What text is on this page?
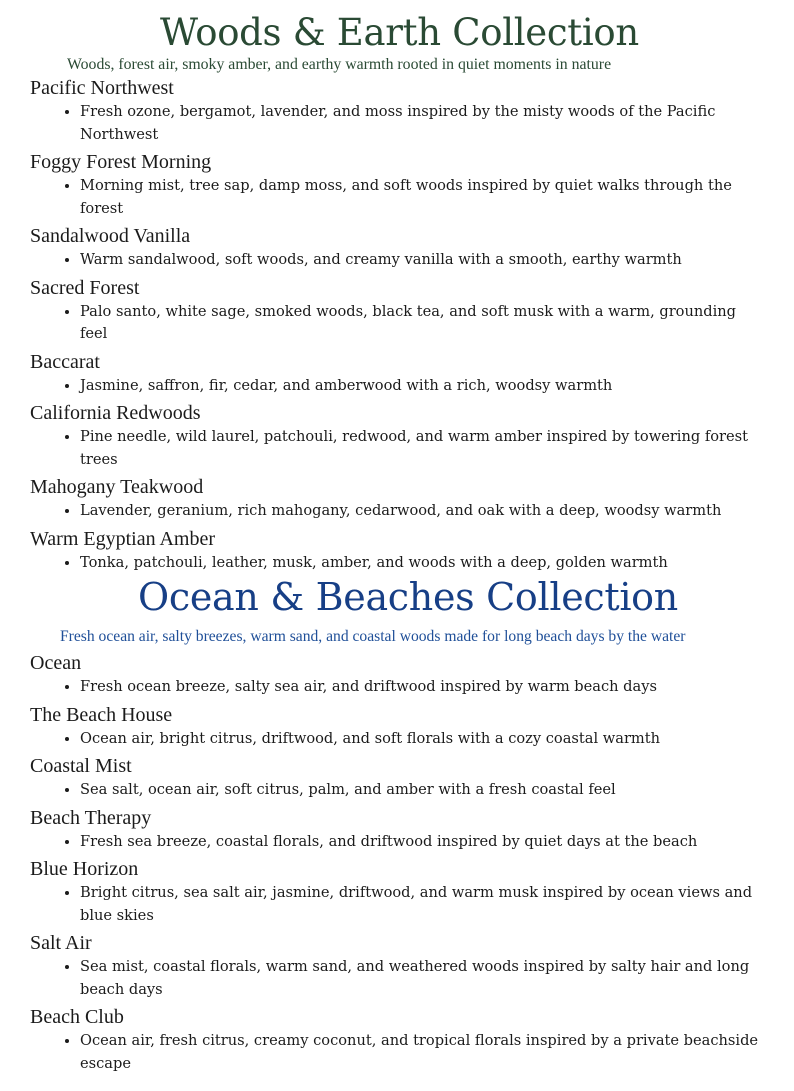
Woods & Earth Collection

Woods, forest air, smoky amber, and earthy warmth rooted in quiet moments in nature

Pacific Northwest

• Fresh ozone, bergamot, lavender, and moss inspired by the misty woods of the Pacific Northwest

Foggy Forest Morning

• Morning mist, tree sap, damp moss, and soft woods inspired by quiet walks through the forest

Sandalwood Vanilla

• Warm sandalwood, soft woods, and creamy vanilla with a smooth, earthy warmth

Sacred Forest

• Palo santo, white sage, smoked woods, black tea, and soft musk with a warm, grounding feel

Baccarat

• Jasmine, saffron, fir, cedar, and amberwood with a rich, woodsy warmth

California Redwoods

• Pine needle, wild laurel, patchouli, redwood, and warm amber inspired by towering forest trees

Mahogany Teakwood

• Lavender, geranium, rich mahogany, cedarwood, and oak with a deep, woodsy warmth

Warm Egyptian Amber

• Tonka, patchouli, leather, musk, amber, and woods with a deep, golden warmth
Ocean & Beaches Collection

Fresh ocean air, salty breezes, warm sand, and coastal woods made for long beach days by the water

Ocean

• Fresh ocean breeze, salty sea air, and driftwood inspired by warm beach days

The Beach House

• Ocean air, bright citrus, driftwood, and soft florals with a cozy coastal warmth

Coastal Mist

• Sea salt, ocean air, soft citrus, palm, and amber with a fresh coastal feel

Beach Therapy

• Fresh sea breeze, coastal florals, and driftwood inspired by quiet days at the beach

Blue Horizon

• Bright citrus, sea salt air, jasmine, driftwood, and warm musk inspired by ocean views and blue skies

Salt Air

• Sea mist, coastal florals, warm sand, and weathered woods inspired by salty hair and long beach days

Beach Club

• Ocean air, fresh citrus, creamy coconut, and tropical florals inspired by a private beachside escape
